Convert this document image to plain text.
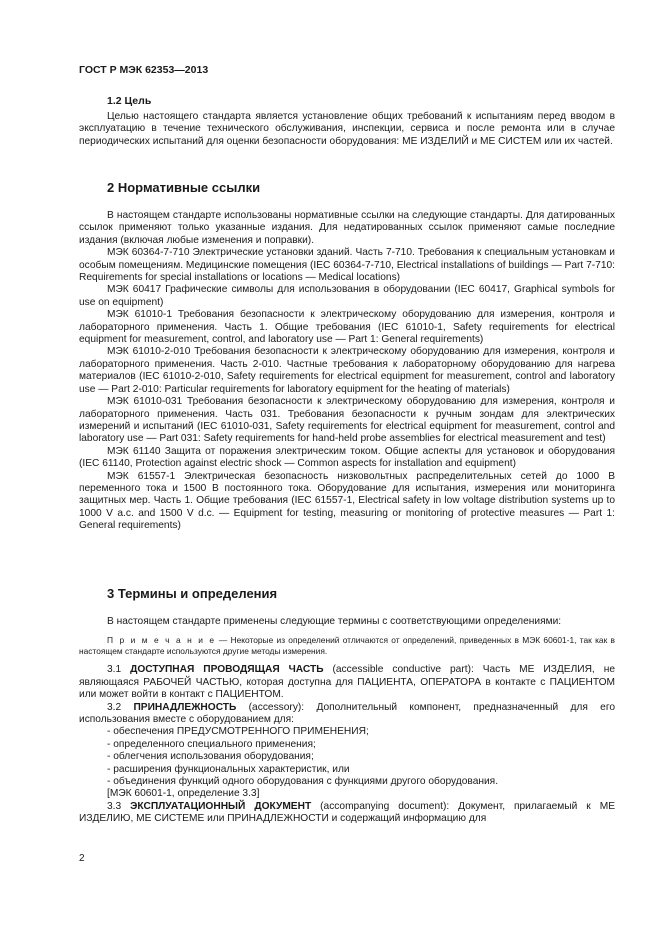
ГОСТ Р МЭК 62353—2013
1.2 Цель

Целью настоящего стандарта является установление общих требований к испытаниям перед вводом в эксплуатацию в течение технического обслуживания, инспекции, сервиса и после ремонта или в случае периодических испытаний для оценки безопасности оборудования: МЕ ИЗДЕЛИЙ и МЕ СИСТЕМ или их частей.

2 Нормативные ссылки

В настоящем стандарте использованы нормативные ссылки на следующие стандарты. Для датированных ссылок применяют только указанные издания. Для недатированных ссылок применяют самые последние издания (включая любые изменения и поправки).

МЭК 60364-7-710 Электрические установки зданий. Часть 7-710. Требования к специальным установкам и особым помещениям. Медицинские помещения (IEC 60364-7-710, Electrical installations of buildings — Part 7-710: Requirements for special installations or locations — Medical locations)

МЭК 60417 Графические символы для использования в оборудовании (IEC 60417, Graphical symbols for use on equipment)

МЭК 61010-1 Требования безопасности к электрическому оборудованию для измерения, контроля и лабораторного применения. Часть 1. Общие требования (IEC 61010-1, Safety requirements for electrical equipment for measurement, control, and laboratory use — Part 1: General requirements)

МЭК 61010-2-010 Требования безопасности к электрическому оборудованию для измерения, контроля и лабораторного применения. Часть 2-010. Частные требования к лабораторному оборудованию для нагрева материалов (IEC 61010-2-010, Safety requirements for electrical equipment for measurement, control and laboratory use — Part 2-010: Particular requirements for laboratory equipment for the heating of materials)

МЭК 61010-031 Требования безопасности к электрическому оборудованию для измерения, контроля и лабораторного применения. Часть 031. Требования безопасности к ручным зондам для электрических измерений и испытаний (IEC 61010-031, Safety requirements for electrical equipment for measurement, control and laboratory use — Part 031: Safety requirements for hand-held probe assemblies for electrical measurement and test)

МЭК 61140 Защита от поражения электрическим током. Общие аспекты для установок и оборудования (IEC 61140, Protection against electric shock — Common aspects for installation and equipment)

МЭК 61557-1 Электрическая безопасность низковольтных распределительных сетей до 1000 В переменного тока и 1500 В постоянного тока. Оборудование для испытания, измерения или мониторинга защитных мер. Часть 1. Общие требования (IEC 61557-1, Electrical safety in low voltage distribution systems up to 1000 V a.c. and 1500 V d.c. — Equipment for testing, measuring or monitoring of protective measures — Part 1: General requirements)

3 Термины и определения

В настоящем стандарте применены следующие термины с соответствующими определениями:

П р и м е ч а н и е — Некоторые из определений отличаются от определений, приведенных в МЭК 60601-1, так как в настоящем стандарте используются другие методы измерения.

3.1 ДОСТУПНАЯ ПРОВОДЯЩАЯ ЧАСТЬ (accessible conductive part): Часть МЕ ИЗДЕЛИЯ, не являющаяся РАБОЧЕЙ ЧАСТЬЮ, которая доступна для ПАЦИЕНТА, ОПЕРАТОРА в контакте с ПАЦИЕНТОМ или может войти в контакт с ПАЦИЕНТОМ.

3.2 ПРИНАДЛЕЖНОСТЬ (accessory): Дополнительный компонент, предназначенный для его использования вместе с оборудованием для:

- обеспечения ПРЕДУСМОТРЕННОГО ПРИМЕНЕНИЯ;

- определенного специального применения;

- облегчения использования оборудования;

- расширения функциональных характеристик, или

- объединения функций одного оборудования с функциями другого оборудования.

[МЭК 60601-1, определение 3.3]

3.3 ЭКСПЛУАТАЦИОННЫЙ ДОКУМЕНТ (accompanying document): Документ, прилагаемый к МЕ ИЗДЕЛИЮ, МЕ СИСТЕМЕ или ПРИНАДЛЕЖНОСТИ и содержащий информацию для

2
